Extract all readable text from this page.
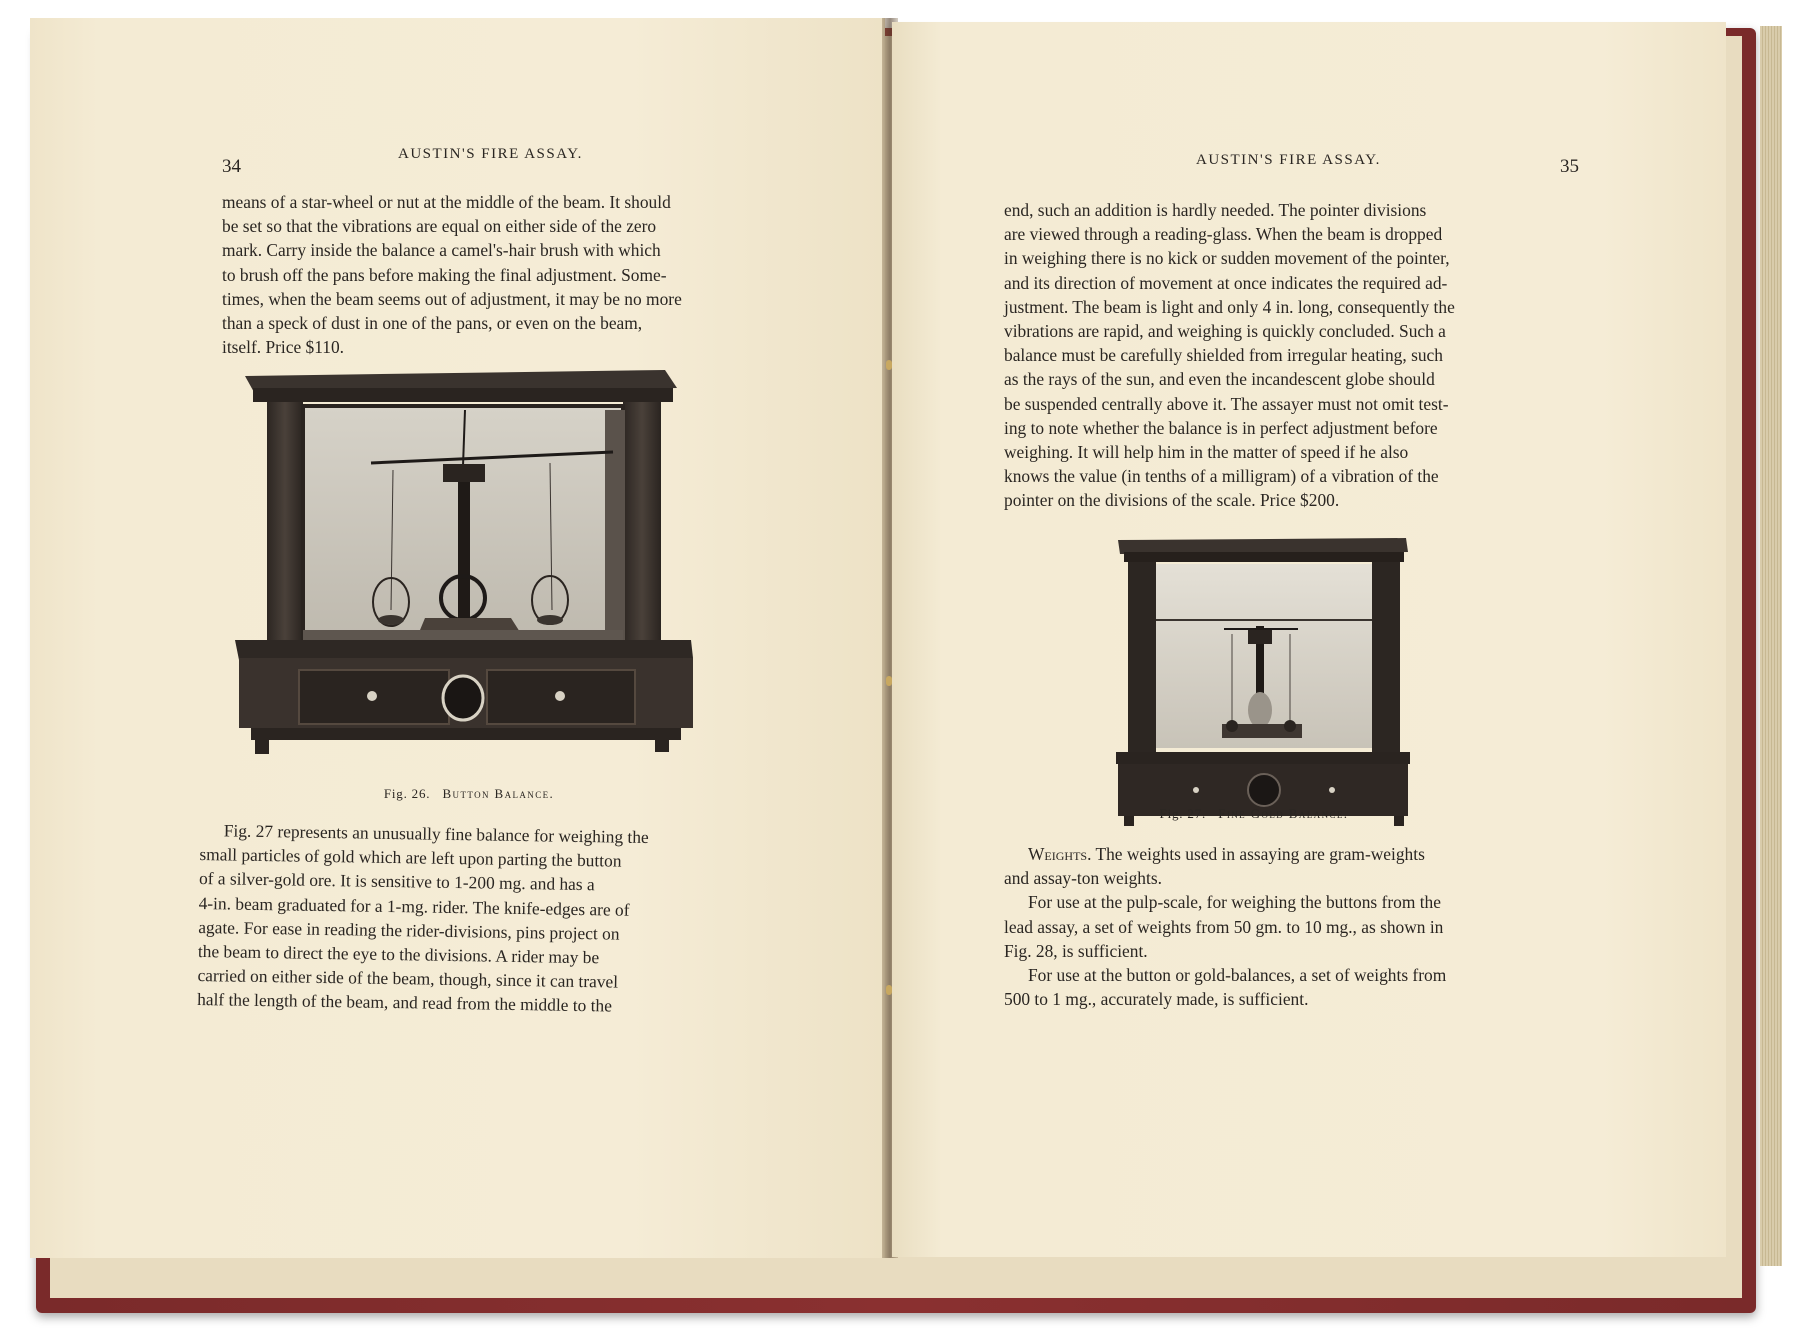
34
AUSTIN'S FIRE ASSAY.

means of a star-wheel or nut at the middle of the beam. It should

be set so that the vibrations are equal on either side of the zero

mark. Carry inside the balance a camel's-hair brush with which

to brush off the pans before making the final adjustment. Some-

times, when the beam seems out of adjustment, it may be no more

than a speck of dust in one of the pans, or even on the beam,

itself. Price $110.

Fig. 26. Button Balance.

Fig. 27 represents an unusually fine balance for weighing the

small particles of gold which are left upon parting the button

of a silver-gold ore. It is sensitive to 1-200 mg. and has a

4-in. beam graduated for a 1-mg. rider. The knife-edges are of

agate. For ease in reading the rider-divisions, pins project on

the beam to direct the eye to the divisions. A rider may be

carried on either side of the beam, though, since it can travel

half the length of the beam, and read from the middle to the

AUSTIN'S FIRE ASSAY.	35

end, such an addition is hardly needed. The pointer divisions

are viewed through a reading-glass. When the beam is dropped

in weighing there is no kick or sudden movement of the pointer,

and its direction of movement at once indicates the required ad-

justment. The beam is light and only 4 in. long, consequently the

vibrations are rapid, and weighing is quickly concluded. Such a

balance must be carefully shielded from irregular heating, such

as the rays of the sun, and even the incandescent globe should

be suspended centrally above it. The assayer must not omit test-

ing to note whether the balance is in perfect adjustment before

weighing. It will help him in the matter of speed if he also

knows the value (in tenths of a milligram) of a vibration of the

pointer on the divisions of the scale. Price $200.

Fig. 27. Fine Gold Balance.

Weights. The weights used in assaying are gram-weights

and assay-ton weights.

For use at the pulp-scale, for weighing the buttons from the

lead assay, a set of weights from 50 gm. to 10 mg., as shown in

Fig. 28, is sufficient.

For use at the button or gold-balances, a set of weights from

500 to 1 mg., accurately made, is sufficient.
